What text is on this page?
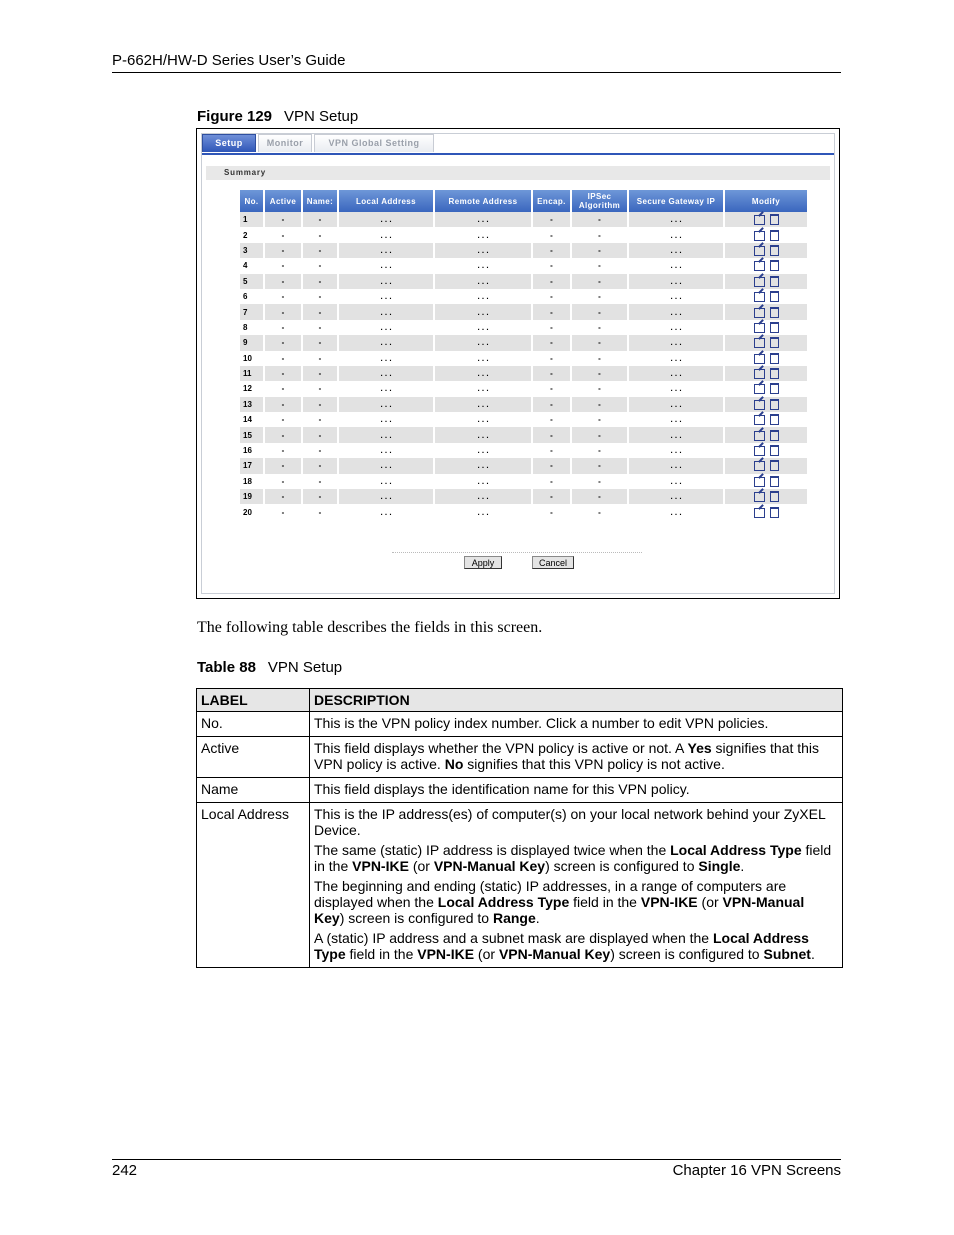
P-662H/HW-D Series User’s Guide
Figure 129 VPN Setup
Setup	Monitor	VPN Global Setting
Summary
No.	Active	Name:	Local Address	Remote Address	Encap.	IPSec Algorithm	Secure Gateway IP	Modify
1	-	-	. . .	. . .	-	-	. . .	
2	-	-	. . .	. . .	-	-	. . .	
3	-	-	. . .	. . .	-	-	. . .	
4	-	-	. . .	. . .	-	-	. . .	
5	-	-	. . .	. . .	-	-	. . .	
6	-	-	. . .	. . .	-	-	. . .	
7	-	-	. . .	. . .	-	-	. . .	
8	-	-	. . .	. . .	-	-	. . .	
9	-	-	. . .	. . .	-	-	. . .	
10	-	-	. . .	. . .	-	-	. . .	
11	-	-	. . .	. . .	-	-	. . .	
12	-	-	. . .	. . .	-	-	. . .	
13	-	-	. . .	. . .	-	-	. . .	
14	-	-	. . .	. . .	-	-	. . .	
15	-	-	. . .	. . .	-	-	. . .	
16	-	-	. . .	. . .	-	-	. . .	
17	-	-	. . .	. . .	-	-	. . .	
18	-	-	. . .	. . .	-	-	. . .	
19	-	-	. . .	. . .	-	-	. . .	
20	-	-	. . .	. . .	-	-	. . .	
Apply	Cancel
The following table describes the fields in this screen.
Table 88 VPN Setup
LABEL	DESCRIPTION
No.	This is the VPN policy index number. Click a number to edit VPN policies.

Active	This field displays whether the VPN policy is active or not. A Yes signifies that this VPN policy is active. No signifies that this VPN policy is not active.

Name	This field displays the identification name for this VPN policy.

Local Address	This is the IP address(es) of computer(s) on your local network behind your ZyXEL Device.

The same (static) IP address is displayed twice when the Local Address Type field in the VPN-IKE (or VPN-Manual Key) screen is configured to Single.

The beginning and ending (static) IP addresses, in a range of computers are displayed when the Local Address Type field in the VPN-IKE (or VPN-Manual Key) screen is configured to Range.

A (static) IP address and a subnet mask are displayed when the Local Address Type field in the VPN-IKE (or VPN-Manual Key) screen is configured to Subnet.

242	Chapter 16 VPN Screens
